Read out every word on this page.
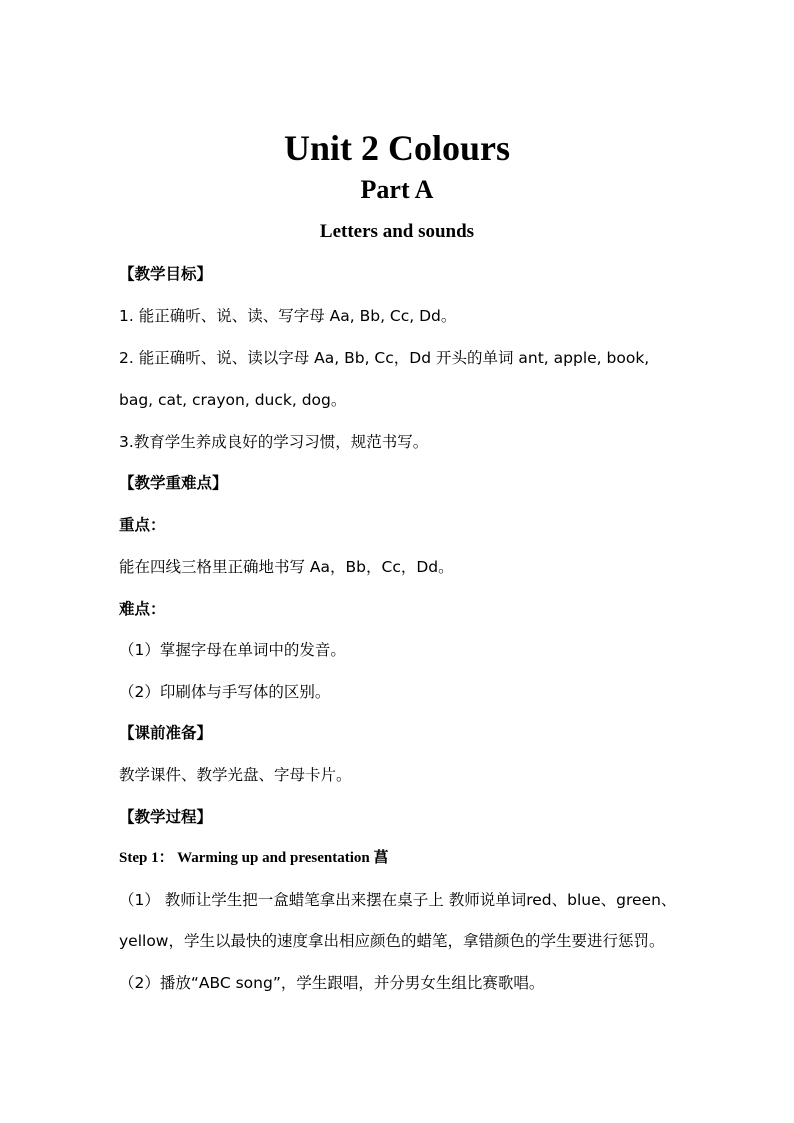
Unit 2 Colours
Part A
Letters and sounds
【教学目标】
1. 能正确听、说、读、写字母 Aa, Bb, Cc, Dd。
2. 能正确听、说、读以字母 Aa, Bb, Cc，Dd 开头的单词 ant, apple, book,
bag, cat, crayon, duck, dog。
3.教育学生养成良好的学习习惯，规范书写。
【教学重难点】
重点：
能在四线三格里正确地书写 Aa，Bb，Cc，Dd。
难点：
（1）掌握字母在单词中的发音。
（2）印刷体与手写体的区别。
【课前准备】
教学课件、教学光盘、字母卡片。
【教学过程】
Step 1： Warming up and presentation 菖
（1） 教师让学生把一盒蜡笔拿出来摆在桌子上 教师说单词red、blue、green、
yellow，学生以最快的速度拿出相应颜色的蜡笔，拿错颜色的学生要进行惩罚。
（2）播放“ABC song”，学生跟唱，并分男女生组比赛歌唱。
